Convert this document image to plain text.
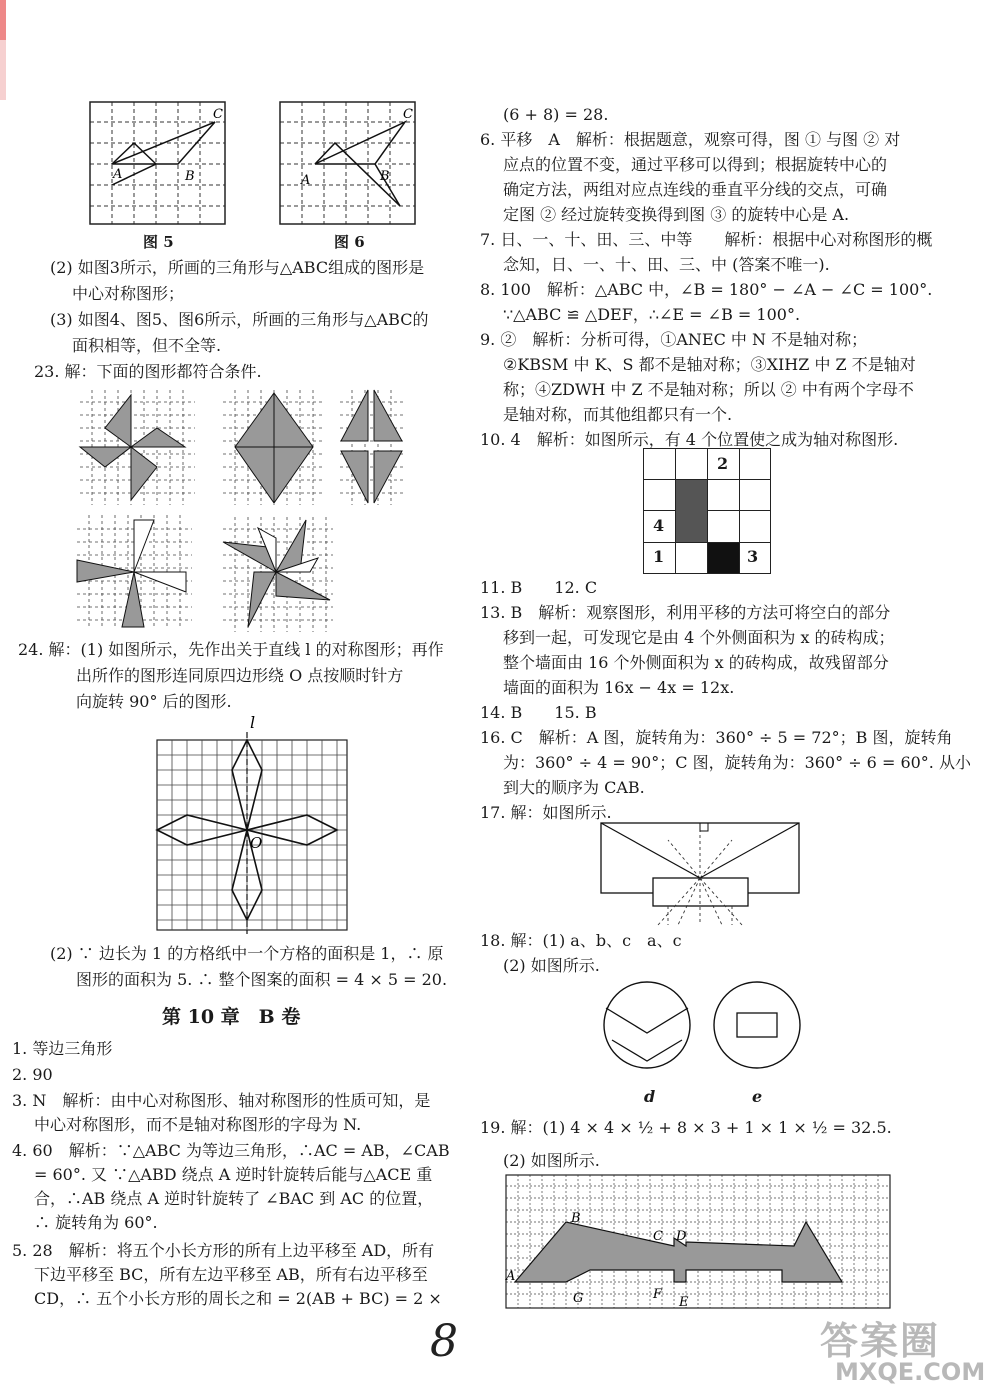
C
A	B
图 5
C
A	B
图 6
(2) 如图3所示，所画的三角形与△ABC组成的图形是
中心对称图形；
(3) 如图4、图5、图6所示，所画的三角形与△ABC的
面积相等，但不全等.
23. 解：下面的图形都符合条件.
24. 解：(1) 如图所示，先作出关于直线 l 的对称图形；再作
出所作的图形连同原四边形绕 O 点按顺时针方
向旋转 90° 后的图形.
l
O
(2) ∵ 边长为 1 的方格纸中一个方格的面积是 1，∴ 原
图形的面积为 5. ∴ 整个图案的面积 = 4 × 5 = 20.
第 10 章　B 卷
1. 等边三角形
2. 90
3. N　解析：由中心对称图形、轴对称图形的性质可知，是
中心对称图形，而不是轴对称图形的字母为 N.
4. 60　解析：∵△ABC 为等边三角形，∴AC = AB，∠CAB
= 60°. 又 ∵△ABD 绕点 A 逆时针旋转后能与△ACE 重
合，∴AB 绕点 A 逆时针旋转了 ∠BAC 到 AC 的位置，
∴ 旋转角为 60°.
5. 28　解析：将五个小长方形的所有上边平移至 AD，所有
下边平移至 BC，所有左边平移至 AB，所有右边平移至
CD，∴ 五个小长方形的周长之和 = 2(AB + BC) = 2 ×
(6 + 8) = 28.
6. 平移　A　解析：根据题意，观察可得，图 ① 与图 ② 对
应点的位置不变，通过平移可以得到；根据旋转中心的
确定方法，两组对应点连线的垂直平分线的交点，可确
定图 ② 经过旋转变换得到图 ③ 的旋转中心是 A.
7. 日、一、十、田、三、中等　　解析：根据中心对称图形的概
念知，日、一、十、田、三、中 (答案不唯一).
8. 100　解析：△ABC 中，∠B = 180° − ∠A − ∠C = 100°.
∵△ABC ≌ △DEF，∴∠E = ∠B = 100°.
9. ②　解析：分析可得，①ANEC 中 N 不是轴对称；
②KBSM 中 K、S 都不是轴对称；③XIHZ 中 Z 不是轴对
称；④ZDWH 中 Z 不是轴对称；所以 ② 中有两个字母不
是轴对称，而其他组都只有一个.
10. 4　解析：如图所示，有 4 个位置使之成为轴对称图形.
2
4
1	3
11. B　　12. C
13. B　解析：观察图形，利用平移的方法可将空白的部分
移到一起，可发现它是由 4 个外侧面积为 x 的砖构成；
整个墙面由 16 个外侧面积为 x 的砖构成，故残留部分
墙面的面积为 16x − 4x = 12x.
14. B　　15. B
16. C　解析：A 图，旋转角为：360° ÷ 5 = 72°；B 图，旋转角
为：360° ÷ 4 = 90°；C 图，旋转角为：360° ÷ 6 = 60°. 从小
到大的顺序为 CAB.
17. 解：如图所示.
18. 解：(1) a、b、c　a、c
(2) 如图所示.
d	e
19. 解：(1) 4 × 4 × ½ + 8 × 3 + 1 × 1 × ½ = 32.5.
(2) 如图所示.
B
C D
A
G	F
E
8	答案圈
MXQE.COM
